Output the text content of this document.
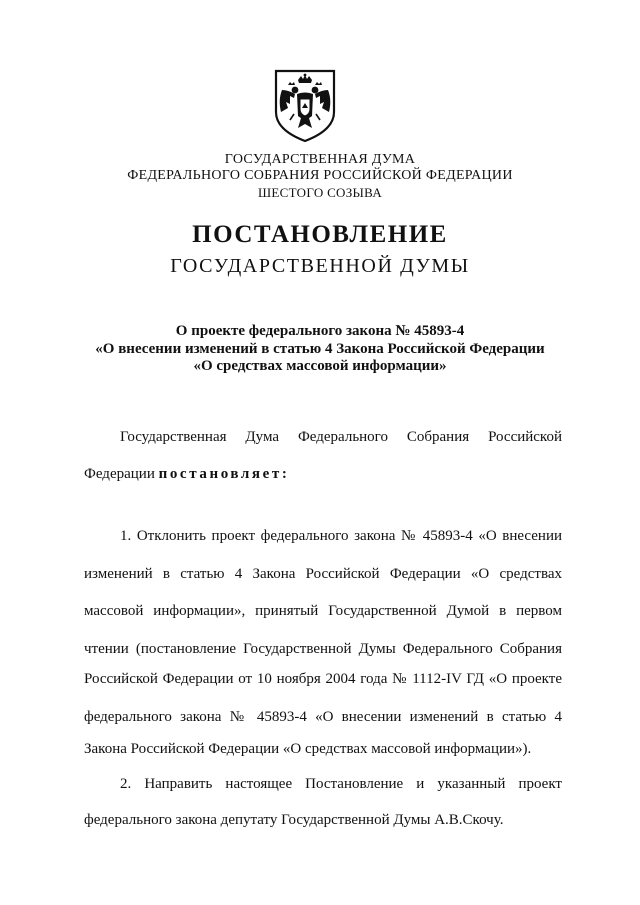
ГОСУДАРСТВЕННАЯ ДУМА
ФЕДЕРАЛЬНОГО СОБРАНИЯ РОССИЙСКОЙ ФЕДЕРАЦИИ
ШЕСТОГО СОЗЫВА
ПОСТАНОВЛЕНИЕ
ГОСУДАРСТВЕННОЙ ДУМЫ
О проекте федерального закона № 45893-4
«О внесении изменений в статью 4 Закона Российской Федерации
«О средствах массовой информации»
Государственная Дума Федерального Собрания Российской
Федерации постановляет:
1. Отклонить проект федерального закона № 45893-4 «О внесении
изменений в статью 4 Закона Российской Федерации «О средствах
массовой информации», принятый Государственной Думой в первом
чтении (постановление Государственной Думы Федерального Собрания
Российской Федерации от 10 ноября 2004 года № 1112-IV ГД «О проекте
федерального закона № 45893-4 «О внесении изменений в статью 4
Закона Российской Федерации «О средствах массовой информации»).
2. Направить настоящее Постановление и указанный проект
федерального закона депутату Государственной Думы А.В.Скочу.
